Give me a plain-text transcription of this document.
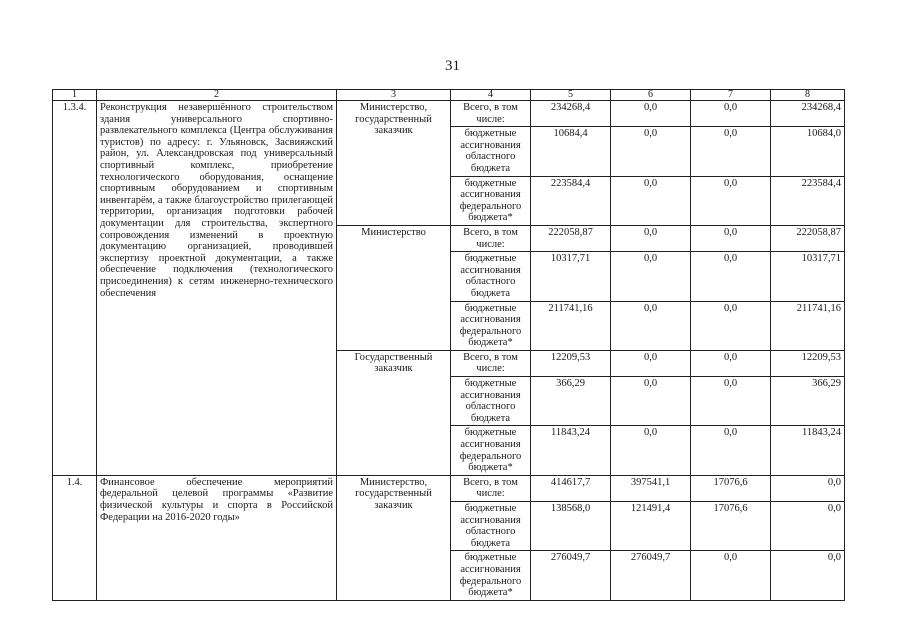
31
1	2	3	4	5	6	7	8
1.3.4.	Реконструкция незавершённого строительством здания универсального спортивно-развлекательного комплекса (Центра обслуживания туристов) по адресу: г. Ульяновск, Засвияжский район, ул. Александровская под универсальный спортивный комплекс, приобретение технологического оборудования, оснащение спортивным оборудованием и спортивным инвентарём, а также благоустройство прилегающей территории, организация подготовки рабочей документации для строительства, экспертного сопровождения изменений в проектную документацию организацией, проводившей экспертизу проектной документации, а также обеспечение подключения (технологического присоединения) к сетям инженерно-технического обеспечения	Министерство, государственный заказчик	Всего, в том числе:	234268,4	0,0	0,0	234268,4
			бюджетные ассигнования областного бюджета	10684,4	0,0	0,0	10684,0
			бюджетные ассигнования федерального бюджета*	223584,4	0,0	0,0	223584,4
		Министерство	Всего, в том числе:	222058,87	0,0	0,0	222058,87
			бюджетные ассигнования областного бюджета	10317,71	0,0	0,0	10317,71
			бюджетные ассигнования федерального бюджета*	211741,16	0,0	0,0	211741,16
		Государственный заказчик	Всего, в том числе:	12209,53	0,0	0,0	12209,53
			бюджетные ассигнования областного бюджета	366,29	0,0	0,0	366,29
			бюджетные ассигнования федерального бюджета*	11843,24	0,0	0,0	11843,24
1.4.	Финансовое обеспечение мероприятий федеральной целевой программы «Развитие физической культуры и спорта в Российской Федерации на 2016-2020 годы»	Министерство, государственный заказчик	Всего, в том числе:	414617,7	397541,1	17076,6	0,0
			бюджетные ассигнования областного бюджета	138568,0	121491,4	17076,6	0,0
			бюджетные ассигнования федерального бюджета*	276049,7	276049,7	0,0	0,0
